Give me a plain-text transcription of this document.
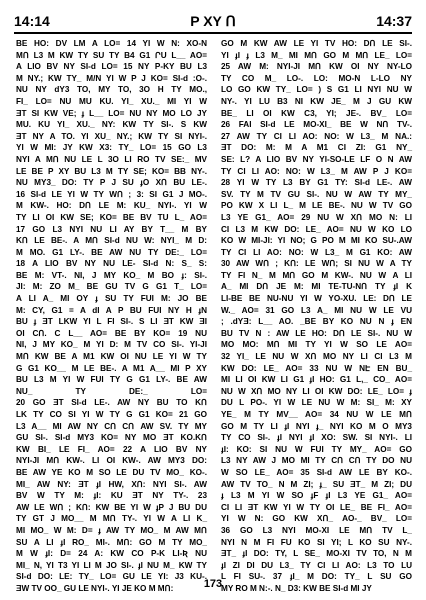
14:14	P XY Ո	14:37
BE HO: DV LM A LO= 14 YI W N: XO-N
MՈ L3 M KW TY SU TY B4 G1 ՐU L__ AO=
A LIO BV NY SI-d LO= 15 NY P-KY BU L3
M NY.; KW TY_ M/N YI W P J KO= SI-d :O-.
NU NY dY3 TO, MY TO, 3O H TY MO.,
FI_ LO= NU MU KU. YI_ XU._ MI YI W
ƎT SI KW VE; ɟ L__ LO= NU NY MO LO JY
MU. KU YI_ XU._ NY: KW TY SI-. S KW
ƎT NY A TO. YI XU_ NY.; KW TY SI NYI-.
YI W MI: JY KW X3: TY_ LO= 15 GO L3
NYI A MՈ NU LE L 3O LI RO TV SE:_ MV
LE BE P XY BU L3 M TY SE; KO= BB NY-.
NU MY3_ DO: TY P J SU ɟO XՈ BU LE-.
16 SI-d LE YI W TY WՈ ; 3: SI G1 J MO-.
M KW-. HO: DՈ LE M: KU_ NYI-. YI W
TY LI OI KW SE; KO= BE BV TU L_ AO=
17 GO L3 NYI NU LI AY BY T__ M BY
KՈ LE BE-. A MՈ SI-d NU W: NYI_ M D:
M MO. G1 LY-. BE AW NU TY DE:_ LO=
18 A LIO BV NY NU LE- SI-d N: S_ S:
BE M: VT-. NI, J MY KO_ M BO ɟ: SI-.
JI: M: ZO M_ BE GU TV G G1 T_ LO=
A LI A_ MI OY ɟ SU TY FUI M: JO BE
M: CY, G1 = A dI A P BU FUI NY H ɟN
BU ɟ ƎT LKW YI L FI SI-. S LI ƎT KW ƎI
OI CՈ. C L__ AO= BE BY KO= 19 NU
NI, J MY KO_ M YI D: M TV CO SI-. YI-JI
MՈ KW BE A M1 KW OI NU LE YI W TY
G G1 KO__ M LE BE-. A M1 A__ MI P XY
BU L3 M YI W FUI TY G G1 LY-. BE AW
NU_ TY DE:_ LO=
20 GO ƎT SI-d LE-. AW NY BU TO KՈ
LK TY CO SI YI W TY G G1 KO= 21 GO
L3 A__ MI AW NY CՈ CՈ AW SV. TY MY
GU SI-. SI-d MY3 KO= NY MO ƎT KO.KՈ
KW BI_ LE FI_ AO= 22 A LIO BV NY
NYI-JI MՈ KW-. LI OI KW-. AW MY3 DO:
BE AW YE KO M SO LE DU TV MO_ KO-.
MI_ AW NY: ƎT ɟI HW, XՈ: NYI SI-. AW
BV W TY M: ɟI: KU ƎT NY TY-. 23
AW LE WՈ ; KՈ: KW BE YI W ɟP J BU DU
TY GT J MO__ M MՈ TY-. YI W A LI K_
MI MO_ W M: D= ɟ AW TY MO_ M AW MՈ
SU A LI ɟI RO_ MI-. MՈ: GO M TY MO_
M W ɟI: D= 24 A: KW CO P-K LI-Ʀ NU
MI_ N, YI T3 YI LI M JO SI-. ɟI NU M_ KW TY
SI-d DO: LE: TY_ LO= GU LE YI: J3 KU-.
ƎW TV OO_ GU LE NYI-. YI JE KO M MՈ:
GO M KW AW LE YI TV HO: DՈ LE SI-.
YI ɟI ɟ L3 M_ MI MՈ GO M MՈ LE_ LO=
25 AW M: NYI-JI MՈ KW OI NY NY-LO
TY CO M_ LO-. LO: MO-N L-LO NY
LO GO KW TY_ LO= ) S G1 LI NYI NU W
NY-. YI LU B3 NI KW JE_ M J GU KW
BE_ LI OI KW C3, YI; JE-. BV_ LO=
26 FAI SI-d LE MO-XI_ BE W NՈ TV-.
27 AW TY CI LI AO: NO: W L3_ M NA.:
ƎT DO: M: M A M1 CI ZI: G1 NY_
SE: L? A LIO BV NY YI-SO-LE LF O N AW
TY CI LI AO: NO: W L3_ M AW P J KO=
28 YI W TY L3 BY G1 TY: SI-d LE-. AW
SV. TY M TV GU SI-. NU W AW TY MY_
PO KW X LI L_ M LE BE-. NU W TV GO
L3 YE G1_ AO= 29 NU W XՈ MO N: LI
CI L3 M KW DO: LE_ AO= NU W KO LO
KO W MI-JI: YI NO; G PO M MI KO SU-.AW
TY CI LI AO: NO: W L3_ M G1 KO: AW
30 AW WՈ ; KՈ: LE WՈ; SI NU W A TY
TY FI N_ M MՈ GO M KW-. NU W A LI
A_ MI DՈ JE M: MI TE-TU-NՈ TY ɟI K
LI-BE BE NU-NU YI W YO-XU. LE: DՈ LE
W._ AO= 31 GO L3 A_ MI NU W LE VU
; .dYƎ: L__ AO. _BE BY KO NU N ɟ EN
BU TV N : AW LE HO: DՈ LE SI-. NU W
MO MO: MՈ MI TY YI W SO LE AO=
32 YI_ LE NU W XՈ MO NY LI CI L3 M
KW DO: LE_ AO= 33 NU W NԷ EN BU_
MI LI OI KW LI G1 ɟI HO: G1 L,_ CO_ AO=
NU W XՈ MO NY LI OI KW DO: LE_ LO= ɟ
DU L PO-. YI W LE NU W M: SI_ M: XY
YE_ M TY MV__ AO= 34 NU W LE MՈ
GO M TY LI ɟI NYI ɟ_ NYI KO M O MY3
TY CO SI-. ɟI NYI ɟI XO: SW. SI NYI-. LI
ɟI: KO: SI NU W FUI TY MY_ AO= GO
L3 NY AW J MO MI TY CՈ CՈ TY DO NU
W SO LE_ AO= 35 SI-d AW LE BY KO-.
AW TV TO_ N M ZI; ɟ_ SU ƎT_ M ZI; DU
ɟ L3 M YI W SO ɟF ɟI L3 YE G1_ AO=
CI LI ƎT KW YI W TY OI LE_ BE FI_ AO=
YI W N: GO KW XՈ_ AO-_ BV_ LO=
36 GO L3 NYI MO-XI LE MՈ TV L_
NYI N M FI FU KO SI YI; L KO SU NY-.
ƎT_ ɟI DO: TY, L SE_ MO-XI TV TO, N M
ɟI ZI DI DU L3_ TY CI LI AO: L3 TO LU
L FI SU-. 37 ɟI_ M DO: TY_ L SU GO
MY RO M N:-. N_ D3: KW BE SI-d MI JY
173
